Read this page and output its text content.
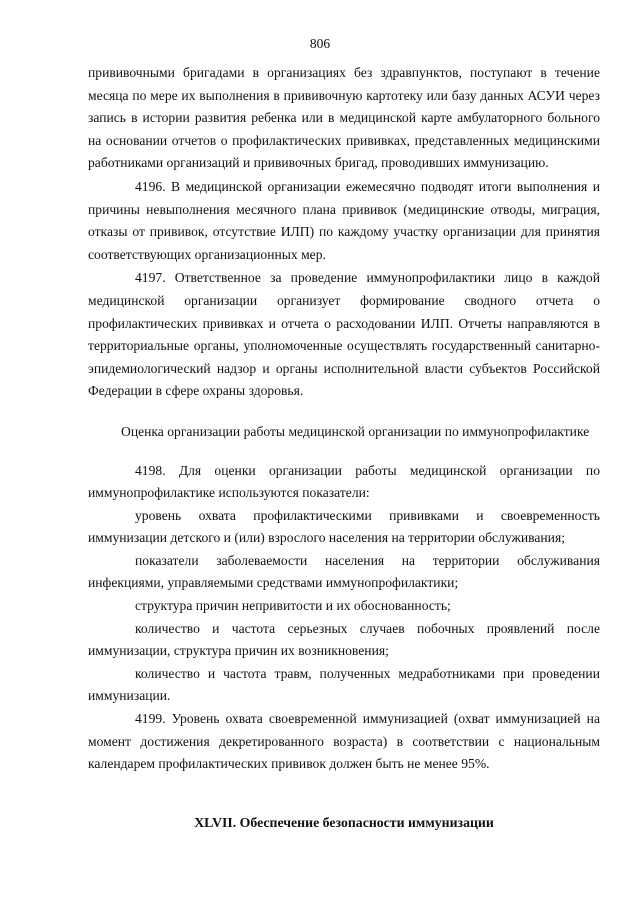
806

прививочными бригадами в организациях без здравпунктов, поступают в течение месяца по мере их выполнения в прививочную картотеку или базу данных АСУИ через запись в истории развития ребенка или в медицинской карте амбулаторного больного на основании отчетов о профилактических прививках, представленных медицинскими работниками организаций и прививочных бригад, проводивших иммунизацию.

4196. В медицинской организации ежемесячно подводят итоги выполнения и причины невыполнения месячного плана прививок (медицинские отводы, миграция, отказы от прививок, отсутствие ИЛП) по каждому участку организации для принятия соответствующих организационных мер.

4197. Ответственное за проведение иммунопрофилактики лицо в каждой медицинской организации организует формирование сводного отчета о профилактических прививках и отчета о расходовании ИЛП. Отчеты направляются в территориальные органы, уполномоченные осуществлять государственный санитарно-эпидемиологический надзор и органы исполнительной власти субъектов Российской Федерации в сфере охраны здоровья.

Оценка организации работы медицинской организации по иммунопрофилактике

4198. Для оценки организации работы медицинской организации по иммунопрофилактике используются показатели:

уровень охвата профилактическими прививками и своевременность иммунизации детского и (или) взрослого населения на территории обслуживания;

показатели заболеваемости населения на территории обслуживания инфекциями, управляемыми средствами иммунопрофилактики;

структура причин непривитости и их обоснованность;

количество и частота серьезных случаев побочных проявлений после иммунизации, структура причин их возникновения;

количество и частота травм, полученных медработниками при проведении иммунизации.

4199. Уровень охвата своевременной иммунизацией (охват иммунизацией на момент достижения декретированного возраста) в соответствии с национальным календарем профилактических прививок должен быть не менее 95%.

XLVII. Обеспечение безопасности иммунизации
